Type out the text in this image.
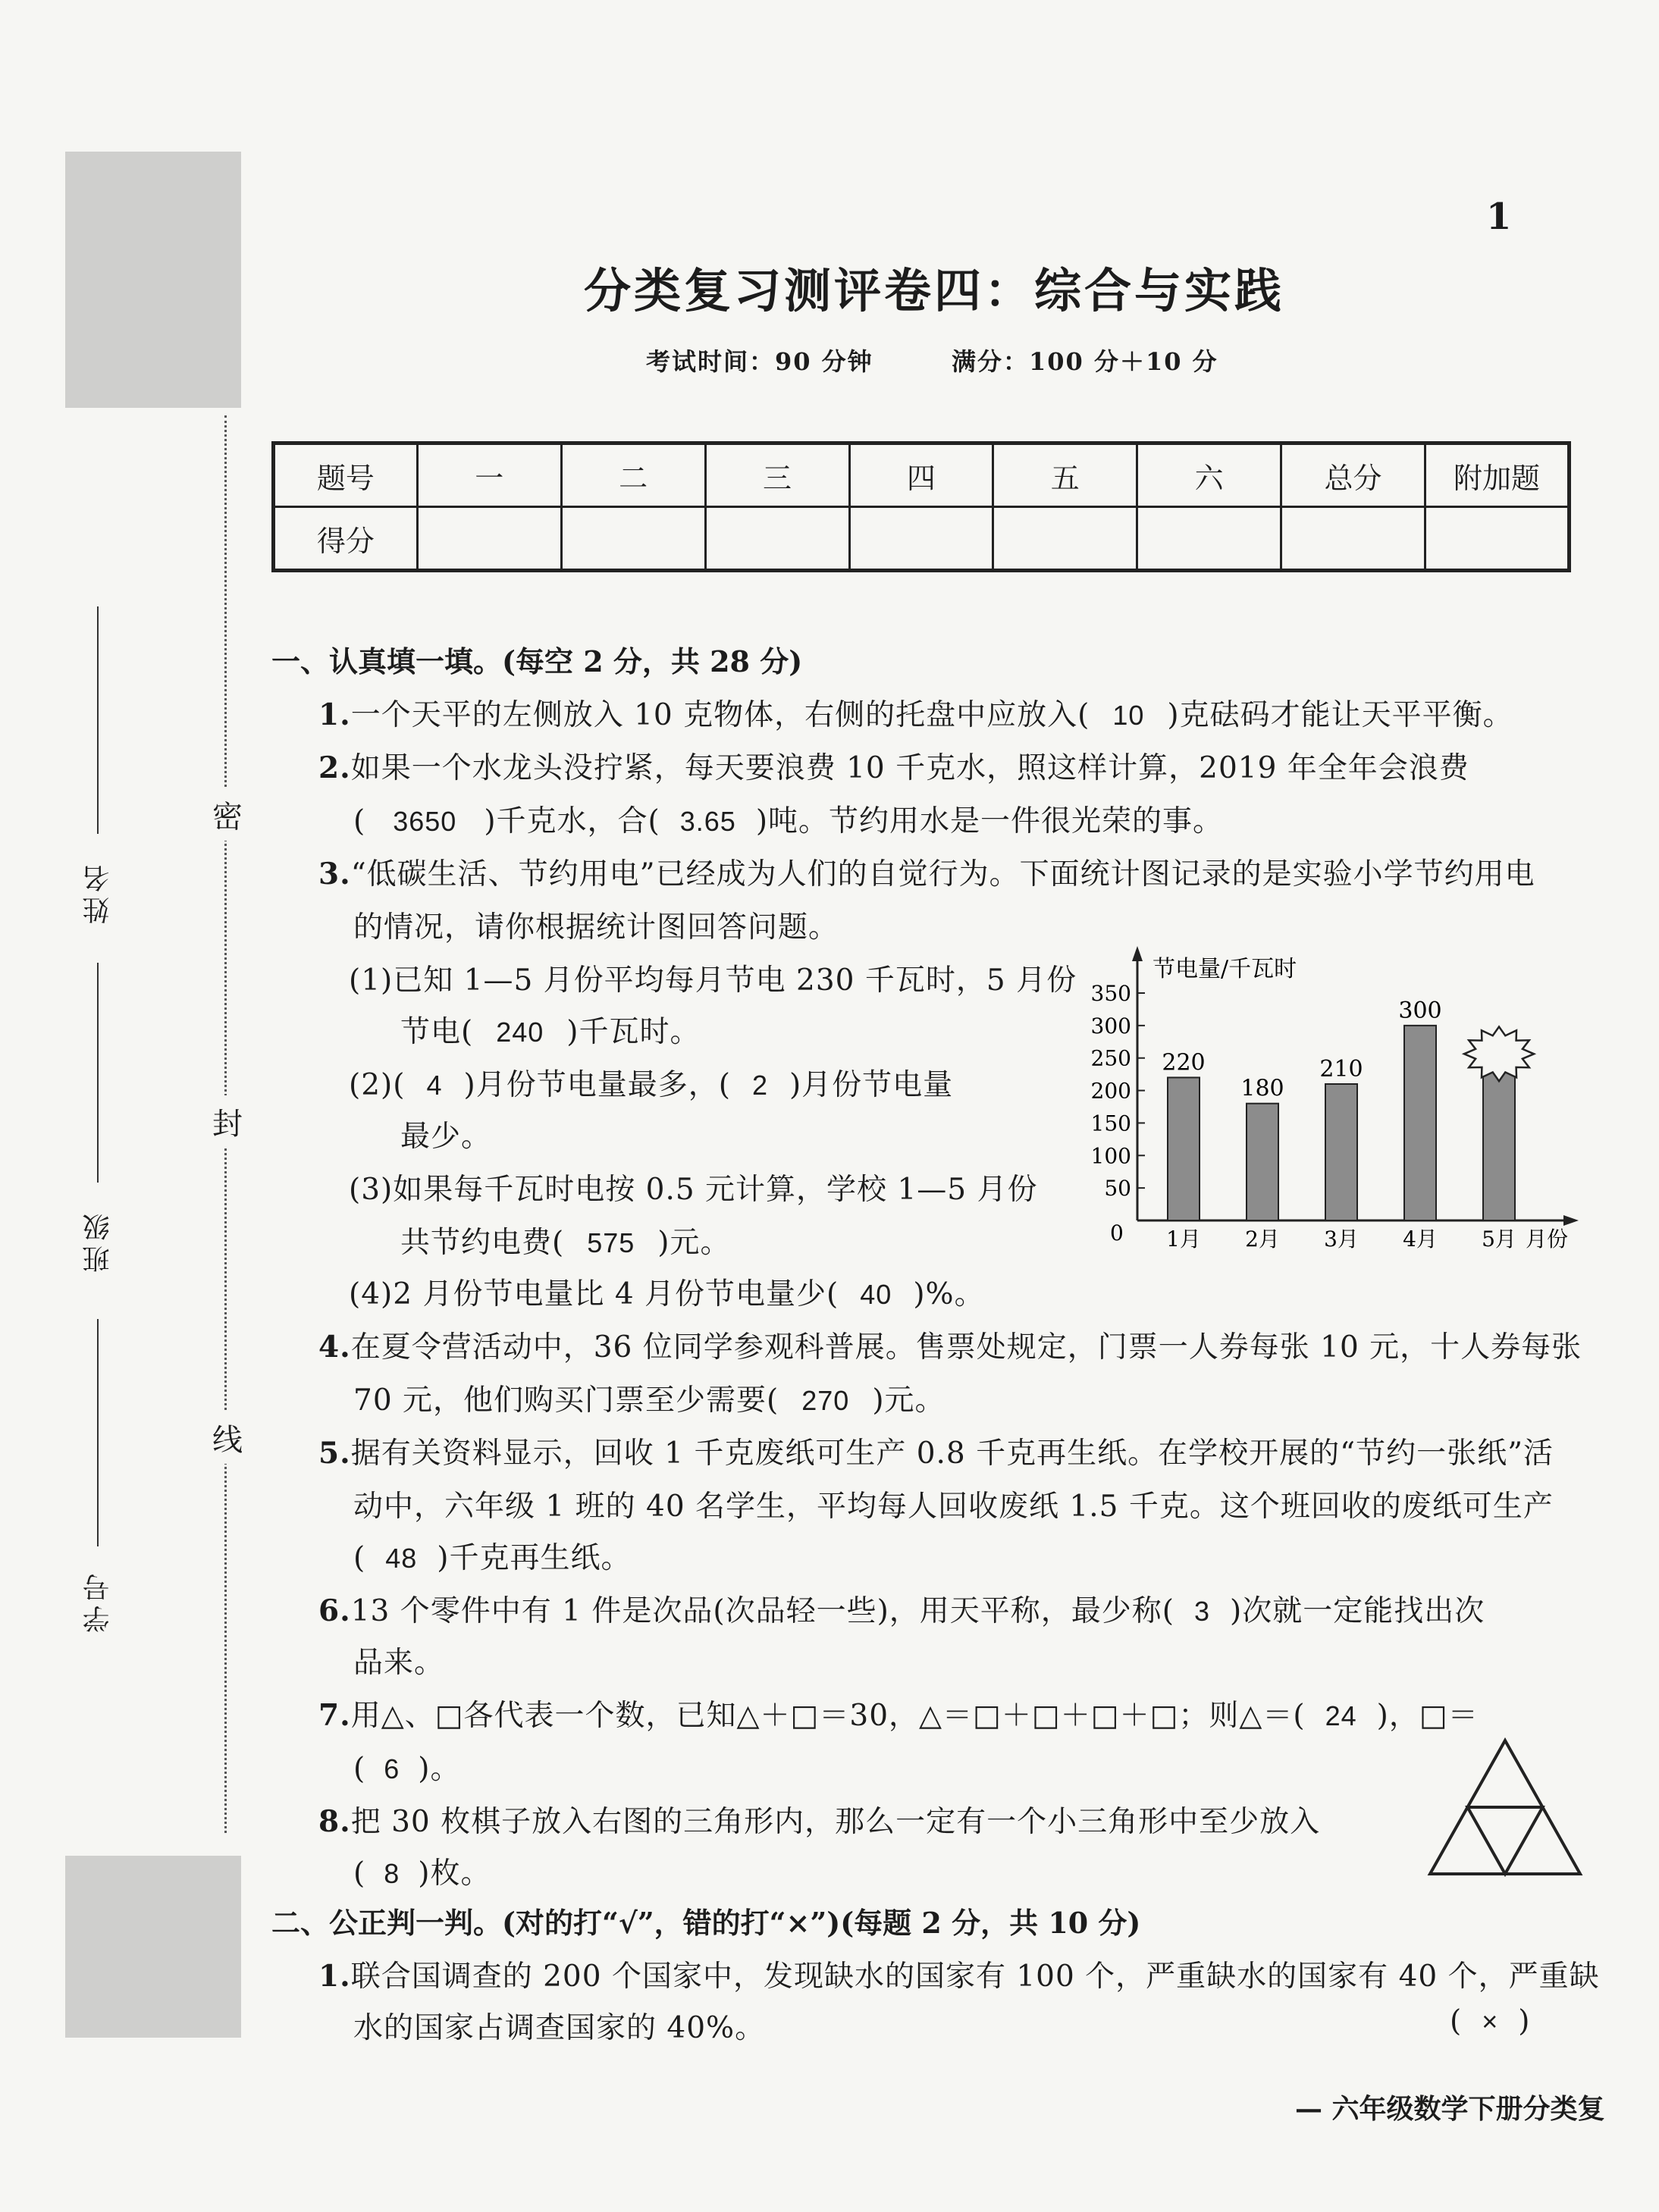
1
密
封
线
姓名
班级
学号
分类复习测评卷四：综合与实践
考试时间：90 分钟	满分：100 分＋10 分
题号	一	二	三	四	五	六	总分	附加题
得分								
一、认真填一填。(每空 2 分，共 28 分)
1.一个天平的左侧放入 10 克物体，右侧的托盘中应放入( 10 )克砝码才能让天平平衡。
2.如果一个水龙头没拧紧，每天要浪费 10 千克水，照这样计算，2019 年全年会浪费
( 3650 )千克水，合( 3.65 )吨。节约用水是一件很光荣的事。
3.“低碳生活、节约用电”已经成为人们的自觉行为。下面统计图记录的是实验小学节约用电
的情况，请你根据统计图回答问题。
(1)已知 1—5 月份平均每月节电 230 千瓦时，5 月份
节电( 240 )千瓦时。
(2)( 4 )月份节电量最多，( 2 )月份节电量
最少。
(3)如果每千瓦时电按 0.5 元计算，学校 1—5 月份
共节约电费( 575 )元。
(4)2 月份节电量比 4 月份节电量少( 40 )%。
节电量/千瓦时
0
50
100
150
200
250
300
350
1月
220
2月
180
3月
210
4月
300
5月 月份
4.在夏令营活动中，36 位同学参观科普展。售票处规定，门票一人券每张 10 元，十人券每张
70 元，他们购买门票至少需要( 270 )元。
5.据有关资料显示，回收 1 千克废纸可生产 0.8 千克再生纸。在学校开展的“节约一张纸”活
动中，六年级 1 班的 40 名学生，平均每人回收废纸 1.5 千克。这个班回收的废纸可生产
( 48 )千克再生纸。
6.13 个零件中有 1 件是次品(次品轻一些)，用天平称，最少称( 3 )次就一定能找出次
品来。
7.用△、□各代表一个数，已知△＋□＝30，△＝□＋□＋□＋□；则△＝( 24 )，□＝
( 6 )。
8.把 30 枚棋子放入右图的三角形内，那么一定有一个小三角形中至少放入
( 8 )枚。
二、公正判一判。(对的打“√”，错的打“×”)(每题 2 分，共 10 分)
1.联合国调查的 200 个国家中，发现缺水的国家有 100 个，严重缺水的国家有 40 个，严重缺
水的国家占调查国家的 40%。	( × )
— 六年级数学下册分类复
